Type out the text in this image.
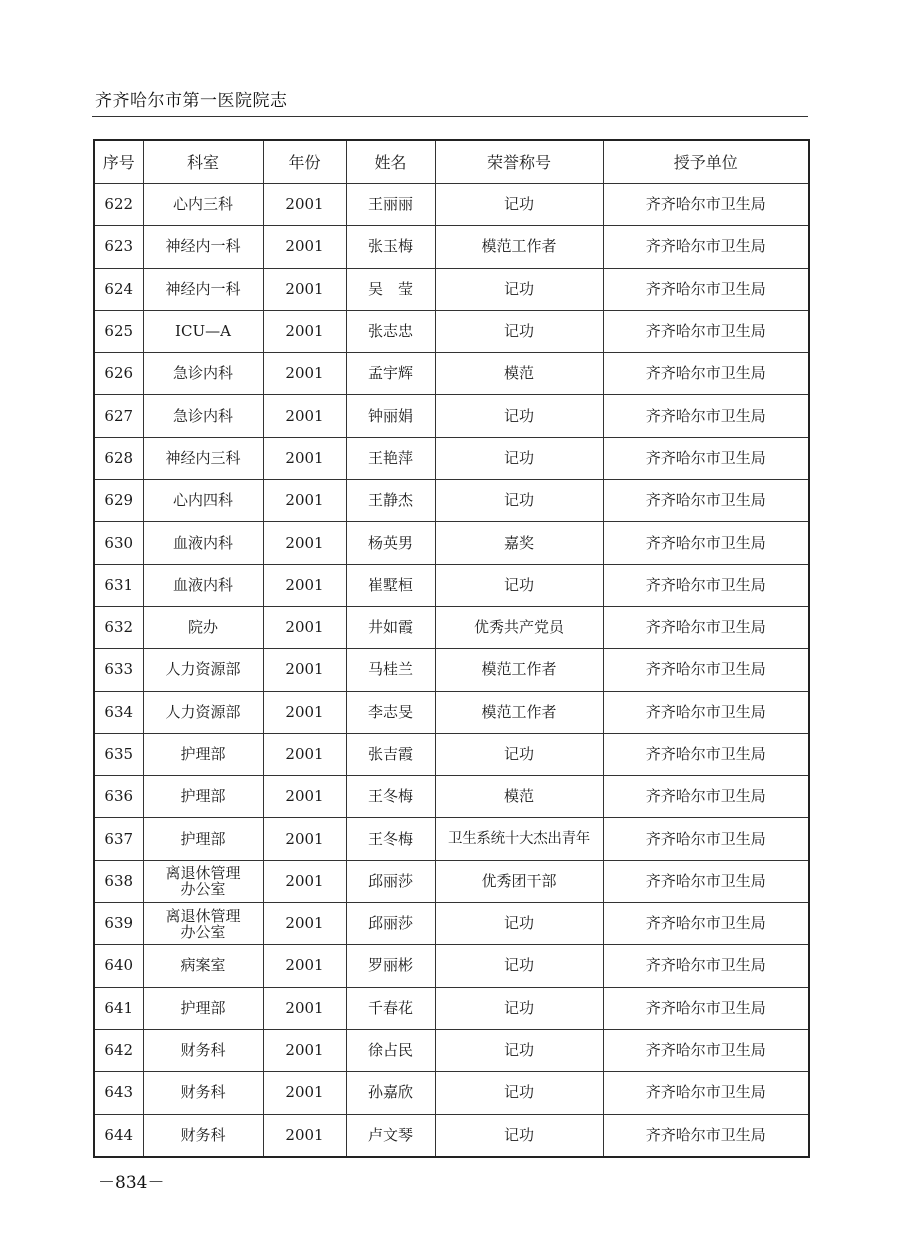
齐齐哈尔市第一医院院志
序号	科室	年份	姓名	荣誉称号	授予单位
622	心内三科	2001	王丽丽	记功	齐齐哈尔市卫生局
623	神经内一科	2001	张玉梅	模范工作者	齐齐哈尔市卫生局
624	神经内一科	2001	吴　莹	记功	齐齐哈尔市卫生局
625	ICU—A	2001	张志忠	记功	齐齐哈尔市卫生局
626	急诊内科	2001	孟宇辉	模范	齐齐哈尔市卫生局
627	急诊内科	2001	钟丽娟	记功	齐齐哈尔市卫生局
628	神经内三科	2001	王艳萍	记功	齐齐哈尔市卫生局
629	心内四科	2001	王静杰	记功	齐齐哈尔市卫生局
630	血液内科	2001	杨英男	嘉奖	齐齐哈尔市卫生局
631	血液内科	2001	崔墅桓	记功	齐齐哈尔市卫生局
632	院办	2001	井如霞	优秀共产党员	齐齐哈尔市卫生局
633	人力资源部	2001	马桂兰	模范工作者	齐齐哈尔市卫生局
634	人力资源部	2001	李志旻	模范工作者	齐齐哈尔市卫生局
635	护理部	2001	张吉霞	记功	齐齐哈尔市卫生局
636	护理部	2001	王冬梅	模范	齐齐哈尔市卫生局
637	护理部	2001	王冬梅	卫生系统十大杰出青年	齐齐哈尔市卫生局
638	离退休管理
办公室	2001	邱丽莎	优秀团干部	齐齐哈尔市卫生局
639	离退休管理
办公室	2001	邱丽莎	记功	齐齐哈尔市卫生局
640	病案室	2001	罗丽彬	记功	齐齐哈尔市卫生局
641	护理部	2001	千春花	记功	齐齐哈尔市卫生局
642	财务科	2001	徐占民	记功	齐齐哈尔市卫生局
643	财务科	2001	孙嘉欣	记功	齐齐哈尔市卫生局
644	财务科	2001	卢文琴	记功	齐齐哈尔市卫生局
－834－
